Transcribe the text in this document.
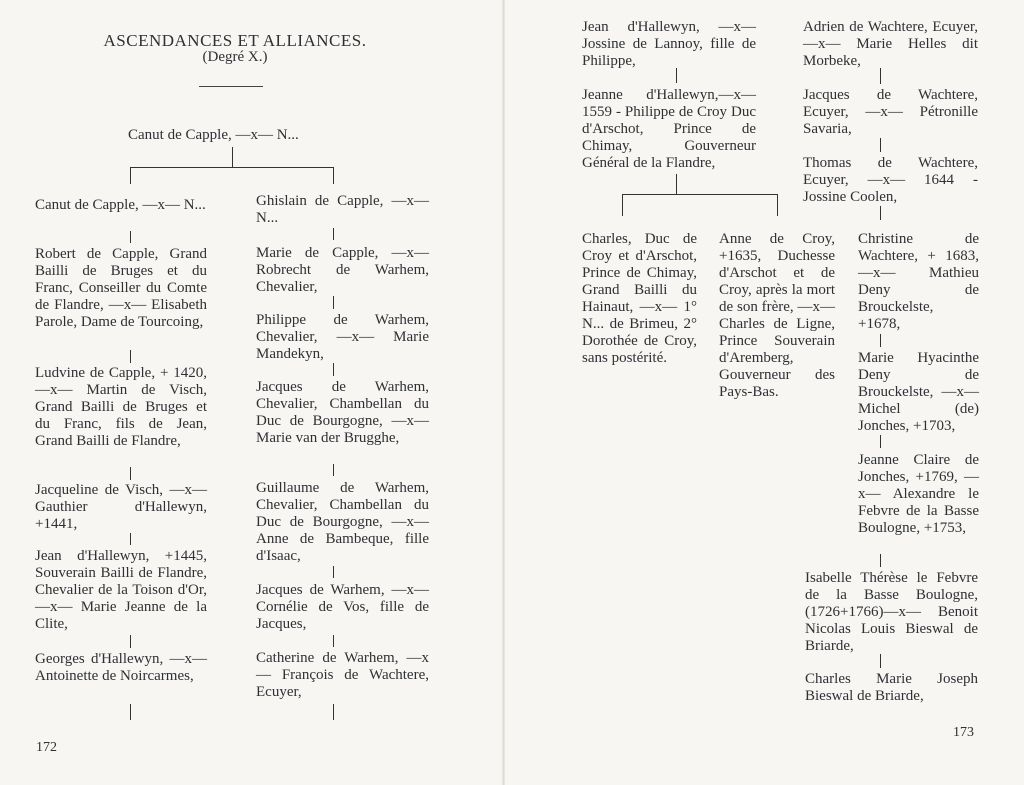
ASCENDANCES ET ALLIANCES.
(Degré X.)
Canut de Capple, —x— N...
Canut de Capple, —x— N...
Robert de Capple, Grand Bailli de Bruges et du Franc, Conseiller du Comte de Flandre, —x— Elisabeth Parole, Dame de Tourcoing,
Ludvine de Capple, + 1420, —x— Martin de Visch, Grand Bailli de Bruges et du Franc, fils de Jean, Grand Bailli de Flandre,
Jacqueline de Visch, —x— Gauthier d'Hallewyn, +1441,
Jean d'Hallewyn, +1445, Souverain Bailli de Flandre, Chevalier de la Toison d'Or, —x— Marie Jeanne de la Clite,
Georges d'Hallewyn, —x— Antoinette de Noircarmes,
Ghislain de Capple, —x— N...
Marie de Capple, —x— Robrecht de Warhem, Chevalier,
Philippe de Warhem, Chevalier, —x— Marie Mandekyn,
Jacques de Warhem, Chevalier, Chambellan du Duc de Bourgogne, —x— Marie van der Brugghe,
Guillaume de Warhem, Chevalier, Chambellan du Duc de Bourgogne, —x— Anne de Bambeque, fille d'Isaac,
Jacques de Warhem, —x— Cornélie de Vos, fille de Jacques,
Catherine de Warhem, —x— François de Wachtere, Ecuyer,
172
Jean d'Hallewyn, —x— Jossine de Lannoy, fille de Philippe,
Jeanne d'Hallewyn,—x— 1559 - Philippe de Croy Duc d'Arschot, Prince de Chimay, Gouverneur Général de la Flandre,
Adrien de Wachtere, Ecuyer, —x— Marie Helles dit Morbeke,
Jacques de Wachtere, Ecuyer, —x— Pétronille Savaria,
Thomas de Wachtere, Ecuyer, —x— 1644 - Jossine Coolen,
Charles, Duc de Croy et d'Arschot, Prince de Chimay, Grand Bailli du Hainaut, —x— 1° N... de Brimeu, 2° Dorothée de Croy, sans postérité.
Anne de Croy, +1635, Duchesse d'Arschot et de Croy, après la mort de son frère, —x— Charles de Ligne, Prince Souverain d'Aremberg, Gouverneur des Pays-Bas.
Christine de Wachtere, + 1683, —x— Mathieu Deny de Brouckelste, +1678,
Marie Hyacinthe Deny de Brouckelste, —x— Michel (de) Jonches, +1703,
Jeanne Claire de Jonches, +1769, —x— Alexandre le Febvre de la Basse Boulogne, +1753,
Isabelle Thérèse le Febvre de la Basse Boulogne, (1726+1766)—x— Benoit Nicolas Louis Bieswal de Briarde,
Charles Marie Joseph Bieswal de Briarde,
173
